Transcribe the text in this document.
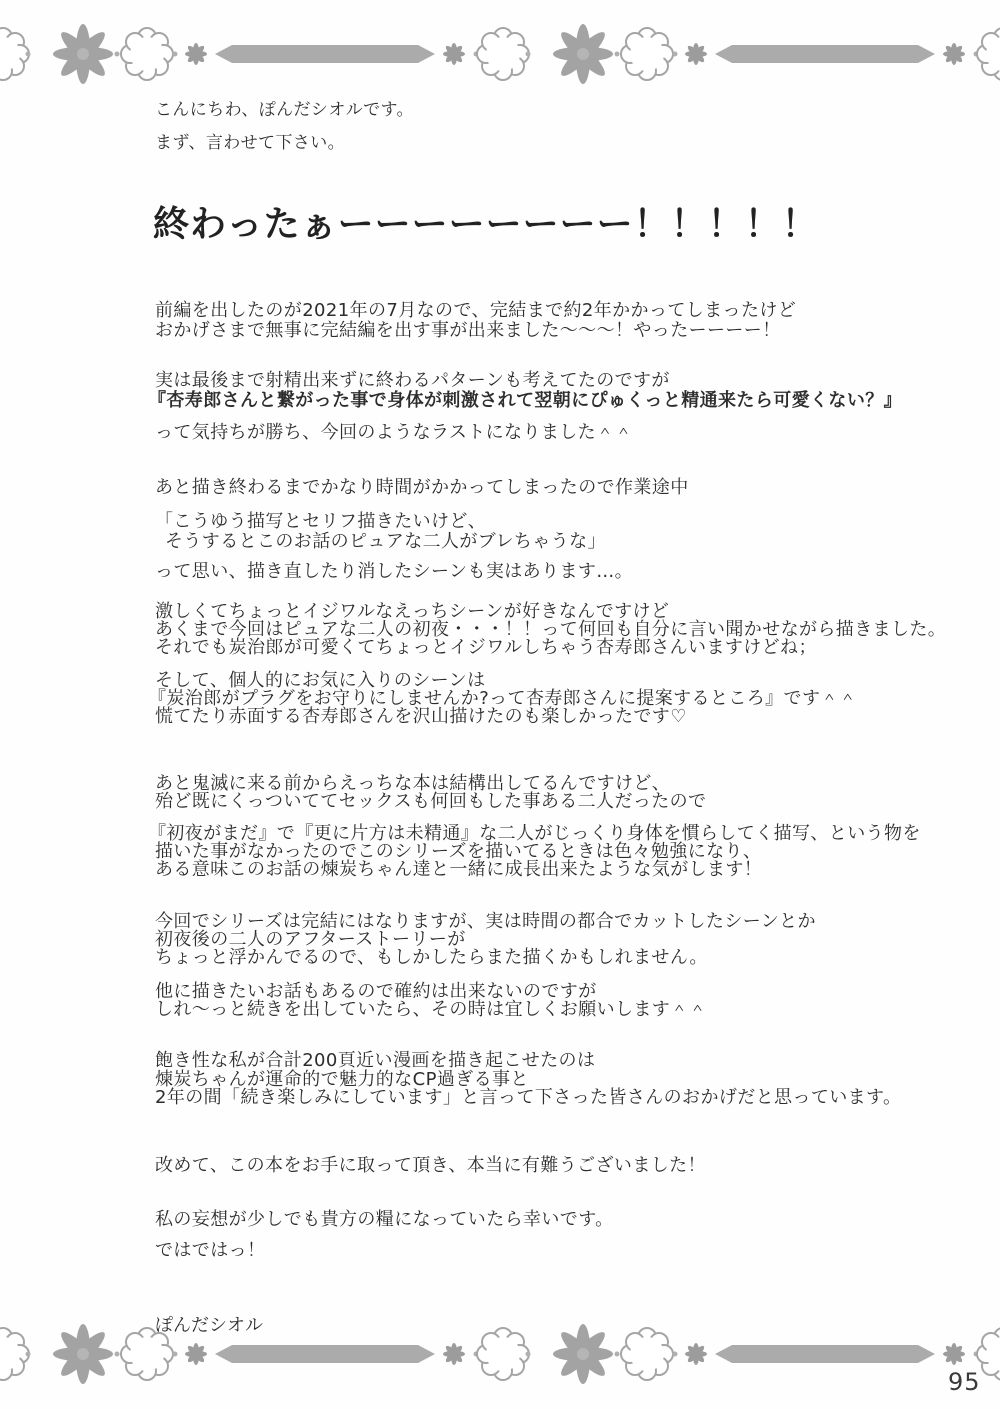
こんにちわ、ぽんだシオルです。
まず、言わせて下さい。
終わったぁーーーーーーーー！！！！！
前編を出したのが2021年の7月なので、完結まで約2年かかってしまったけど
おかげさまで無事に完結編を出す事が出来ました～～～！やったーーーー！
実は最後まで射精出来ずに終わるパターンも考えてたのですが
『杏寿郎さんと繋がった事で身体が刺激されて翌朝にぴゅくっと精通来たら可愛くない？』
って気持ちが勝ち、今回のようなラストになりました＾＾
あと描き終わるまでかなり時間がかかってしまったので作業途中
「こうゆう描写とセリフ描きたいけど、
そうするとこのお話のピュアな二人がブレちゃうな」
って思い、描き直したり消したシーンも実はあります…。
激しくてちょっとイジワルなえっちシーンが好きなんですけど
あくまで今回はピュアな二人の初夜・・・！！って何回も自分に言い聞かせながら描きました。
それでも炭治郎が可愛くてちょっとイジワルしちゃう杏寿郎さんいますけどね；
そして、個人的にお気に入りのシーンは
『炭治郎がプラグをお守りにしませんか?って杏寿郎さんに提案するところ』です＾＾
慌てたり赤面する杏寿郎さんを沢山描けたのも楽しかったです♡
あと鬼滅に来る前からえっちな本は結構出してるんですけど、
殆ど既にくっついててセックスも何回もした事ある二人だったので
『初夜がまだ』で『更に片方は未精通』な二人がじっくり身体を慣らしてく描写、という物を
描いた事がなかったのでこのシリーズを描いてるときは色々勉強になり、
ある意味このお話の煉炭ちゃん達と一緒に成長出来たような気がします！
今回でシリーズは完結にはなりますが、実は時間の都合でカットしたシーンとか
初夜後の二人のアフターストーリーが
ちょっと浮かんでるので、もしかしたらまた描くかもしれません。
他に描きたいお話もあるので確約は出来ないのですが
しれ～っと続きを出していたら、その時は宜しくお願いします＾＾
飽き性な私が合計200頁近い漫画を描き起こせたのは
煉炭ちゃんが運命的で魅力的なCP過ぎる事と
2年の間「続き楽しみにしています」と言って下さった皆さんのおかげだと思っています。
改めて、この本をお手に取って頂き、本当に有難うございました！
私の妄想が少しでも貴方の糧になっていたら幸いです。
ではではっ！
ぽんだシオル
95
